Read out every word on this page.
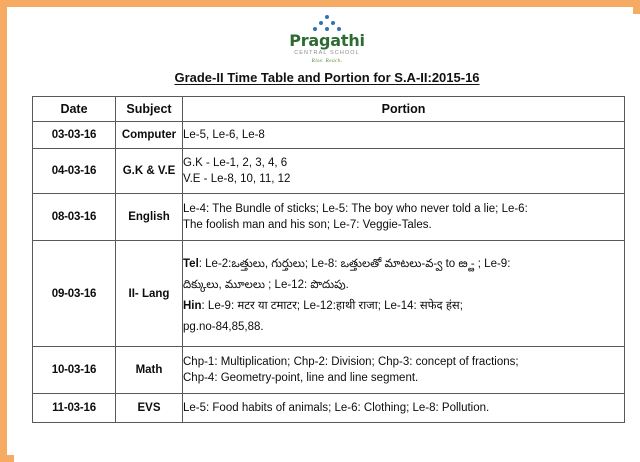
Pragathi
CENTRAL SCHOOL
Rise. Reach.
Grade-II Time Table and Portion for S.A-II:2015-16
Date	Subject	Portion
03-03-16	Computer	Le-5, Le-6, Le-8

04-03-16	G.K & V.E	G.K - Le-1, 2, 3, 4, 6
V.E - Le-8, 10, 11, 12

08-03-16	English	Le-4: The Bundle of sticks; Le-5: The boy who never told a lie; Le-6:
The foolish man and his son; Le-7: Veggie-Tales.

09-03-16	II- Lang	Tel: Le-2:ఒత్తులు, గుర్తులు; Le-8: ఒత్తులతో మాటలు-వ-్వ to ఴ -్ఴ ; Le-9:
దిక్కులు, మూలలు ; Le-12: పొదుపు.
Hin: Le-9: मटर या टमाटर; Le-12:हाथी राजा; Le-14: सफेद हंस;
pg.no-84,85,88.

10-03-16	Math	Chp-1: Multiplication; Chp-2: Division; Chp-3: concept of fractions;
Chp-4: Geometry-point, line and line segment.

11-03-16	EVS	Le-5: Food habits of animals; Le-6: Clothing; Le-8: Pollution.
